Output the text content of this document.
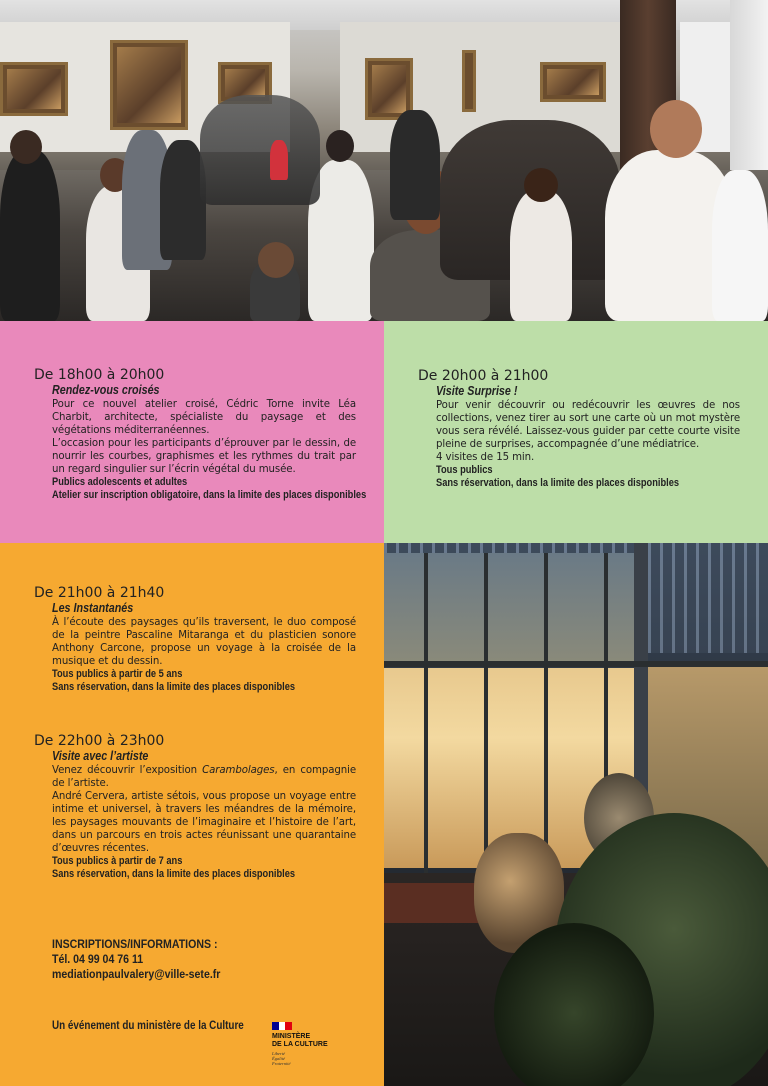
De 18h00 à 20h00

Rendez-vous croisés

Pour ce nouvel atelier croisé, Cédric Torne invite Léa Charbit, architecte, spécialiste du paysage et des végétations méditerranéennes.

L’occasion pour les participants d’éprouver par le dessin, de nourrir les courbes, graphismes et les rythmes du trait par un regard singulier sur l’écrin végétal du musée.

Publics adolescents et adultes

Atelier sur inscription obligatoire, dans la limite des places disponibles

De 20h00 à 21h00

Visite Surprise !

Pour venir découvrir ou redécouvrir les œuvres de nos collections, venez tirer au sort une carte où un mot mystère vous sera révélé. Laissez-vous guider par cette courte visite pleine de surprises, accompagnée d’une médiatrice.

4 visites de 15 min.

Tous publics

Sans réservation, dans la limite des places disponibles

De 21h00 à 21h40

Les Instantanés

À l’écoute des paysages qu’ils traversent, le duo composé de la peintre Pascaline Mitaranga et du plasticien sonore Anthony Carcone, propose un voyage à la croisée de la musique et du dessin.

Tous publics à partir de 5 ans

Sans réservation, dans la limite des places disponibles

De 22h00 à 23h00

Visite avec l’artiste

Venez découvrir l’exposition Carambolages, en compagnie de l’artiste.

André Cervera, artiste sétois, vous propose un voyage entre intime et universel, à travers les méandres de la mémoire, les paysages mouvants de l’imaginaire et l’histoire de l’art, dans un parcours en trois actes réunissant une quarantaine d’œuvres récentes.

Tous publics à partir de 7 ans

Sans réservation, dans la limite des places disponibles

INSCRIPTIONS/INFORMATIONS :
Tél. 04 99 04 76 11
mediationpaulvalery@ville-sete.fr
Un événement du ministère de la Culture
MINISTÈRE
DE LA CULTURE
Liberté
Égalité
Fraternité
